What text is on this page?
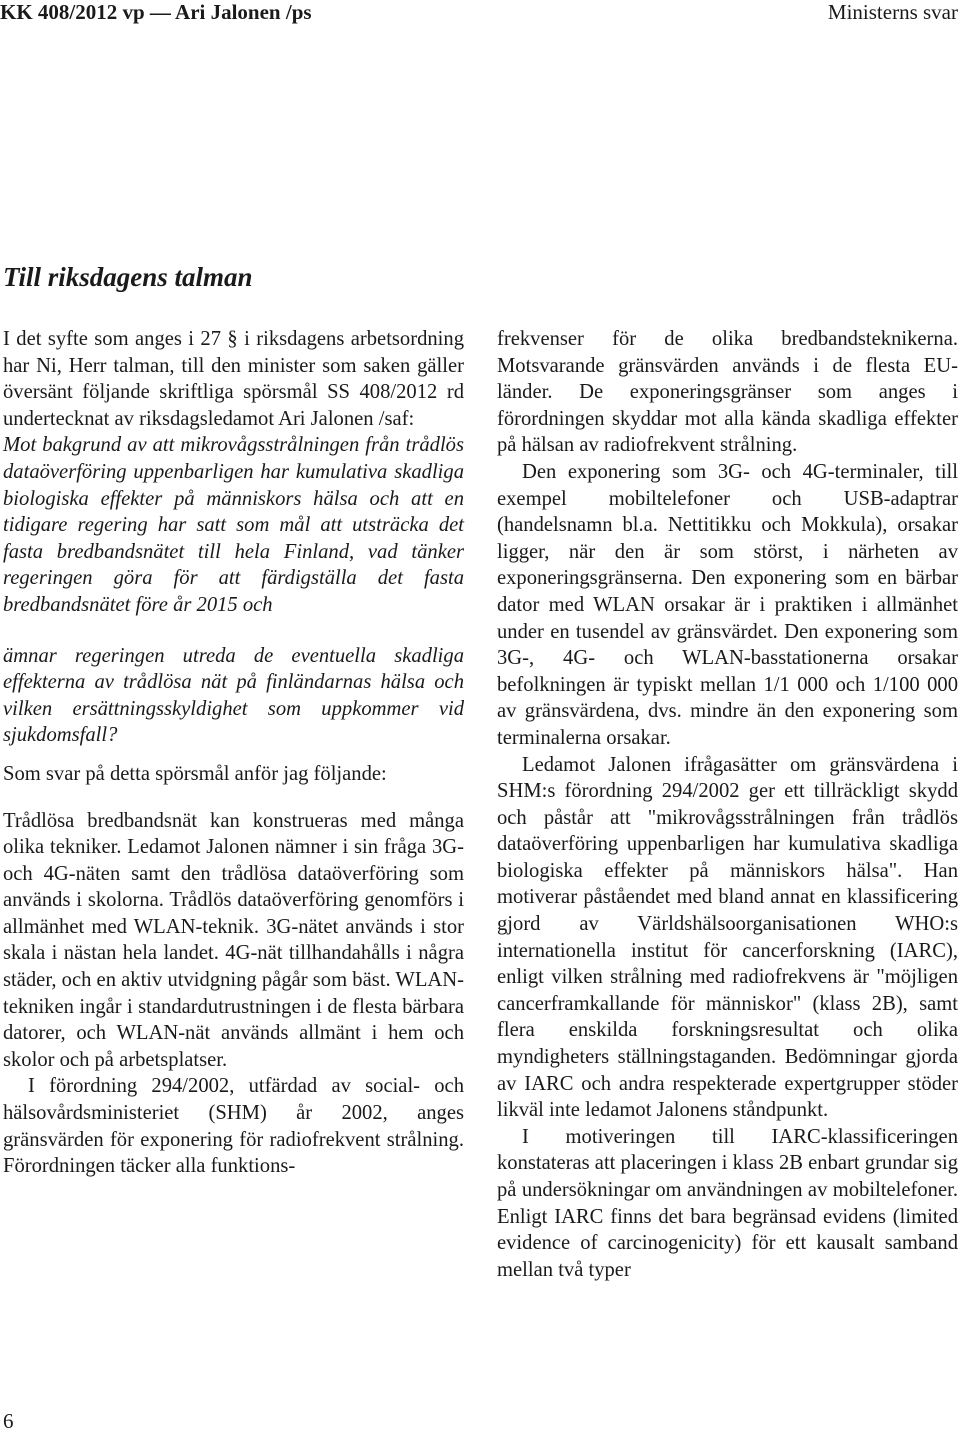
KK 408/2012 vp — Ari Jalonen /ps	Ministerns svar
Till riksdagens talman

I det syfte som anges i 27 § i riksdagens arbetsordning har Ni, Herr talman, till den minister som saken gäller översänt följande skriftliga spörsmål SS 408/2012 rd undertecknat av riksdagsledamot Ari Jalonen /saf:

Mot bakgrund av att mikrovågsstrålningen från trådlös dataöverföring uppenbarligen har kumulativa skadliga biologiska effekter på människors hälsa och att en tidigare regering har satt som mål att utsträcka det fasta bredbandsnätet till hela Finland, vad tänker regeringen göra för att färdigställa det fasta bredbandsnätet före år 2015 och

ämnar regeringen utreda de eventuella skadliga effekterna av trådlösa nät på finländarnas hälsa och vilken ersättningsskyldighet som uppkommer vid sjukdomsfall?

Som svar på detta spörsmål anför jag följande:

Trådlösa bredbandsnät kan konstrueras med många olika tekniker. Ledamot Jalonen nämner i sin fråga 3G- och 4G-näten samt den trådlösa dataöverföring som används i skolorna. Trådlös dataöverföring genomförs i allmänhet med WLAN-teknik. 3G-nätet används i stor skala i nästan hela landet. 4G-nät tillhandahålls i några städer, och en aktiv utvidgning pågår som bäst. WLAN-tekniken ingår i standardutrustningen i de flesta bärbara datorer, och WLAN-nät används allmänt i hem och skolor och på arbetsplatser.

I förordning 294/2002, utfärdad av social- och hälsovårdsministeriet (SHM) år 2002, anges gränsvärden för exponering för radiofrekvent strålning. Förordningen täcker alla funktions-

frekvenser för de olika bredbandsteknikerna. Motsvarande gränsvärden används i de flesta EU-länder. De exponeringsgränser som anges i förordningen skyddar mot alla kända skadliga effekter på hälsan av radiofrekvent strålning.

Den exponering som 3G- och 4G-terminaler, till exempel mobiltelefoner och USB-adaptrar (handelsnamn bl.a. Nettitikku och Mokkula), orsakar ligger, när den är som störst, i närheten av exponeringsgränserna. Den exponering som en bärbar dator med WLAN orsakar är i praktiken i allmänhet under en tusendel av gränsvärdet. Den exponering som 3G-, 4G- och WLAN-basstationerna orsakar befolkningen är typiskt mellan 1/1 000 och 1/100 000 av gränsvärdena, dvs. mindre än den exponering som terminalerna orsakar.

Ledamot Jalonen ifrågasätter om gränsvärdena i SHM:s förordning 294/2002 ger ett tillräckligt skydd och påstår att "mikrovågsstrålningen från trådlös dataöverföring uppenbarligen har kumulativa skadliga biologiska effekter på människors hälsa". Han motiverar påståendet med bland annat en klassificering gjord av Världshälsoorganisationen WHO:s internationella institut för cancerforskning (IARC), enligt vilken strålning med radiofrekvens är "möjligen cancerframkallande för människor" (klass 2B), samt flera enskilda forskningsresultat och olika myndigheters ställningstaganden. Bedömningar gjorda av IARC och andra respekterade expertgrupper stöder likväl inte ledamot Jalonens ståndpunkt.

I motiveringen till IARC-klassificeringen konstateras att placeringen i klass 2B enbart grundar sig på undersökningar om användningen av mobiltelefoner. Enligt IARC finns det bara begränsad evidens (limited evidence of carcinogenicity) för ett kausalt samband mellan två typer

6
